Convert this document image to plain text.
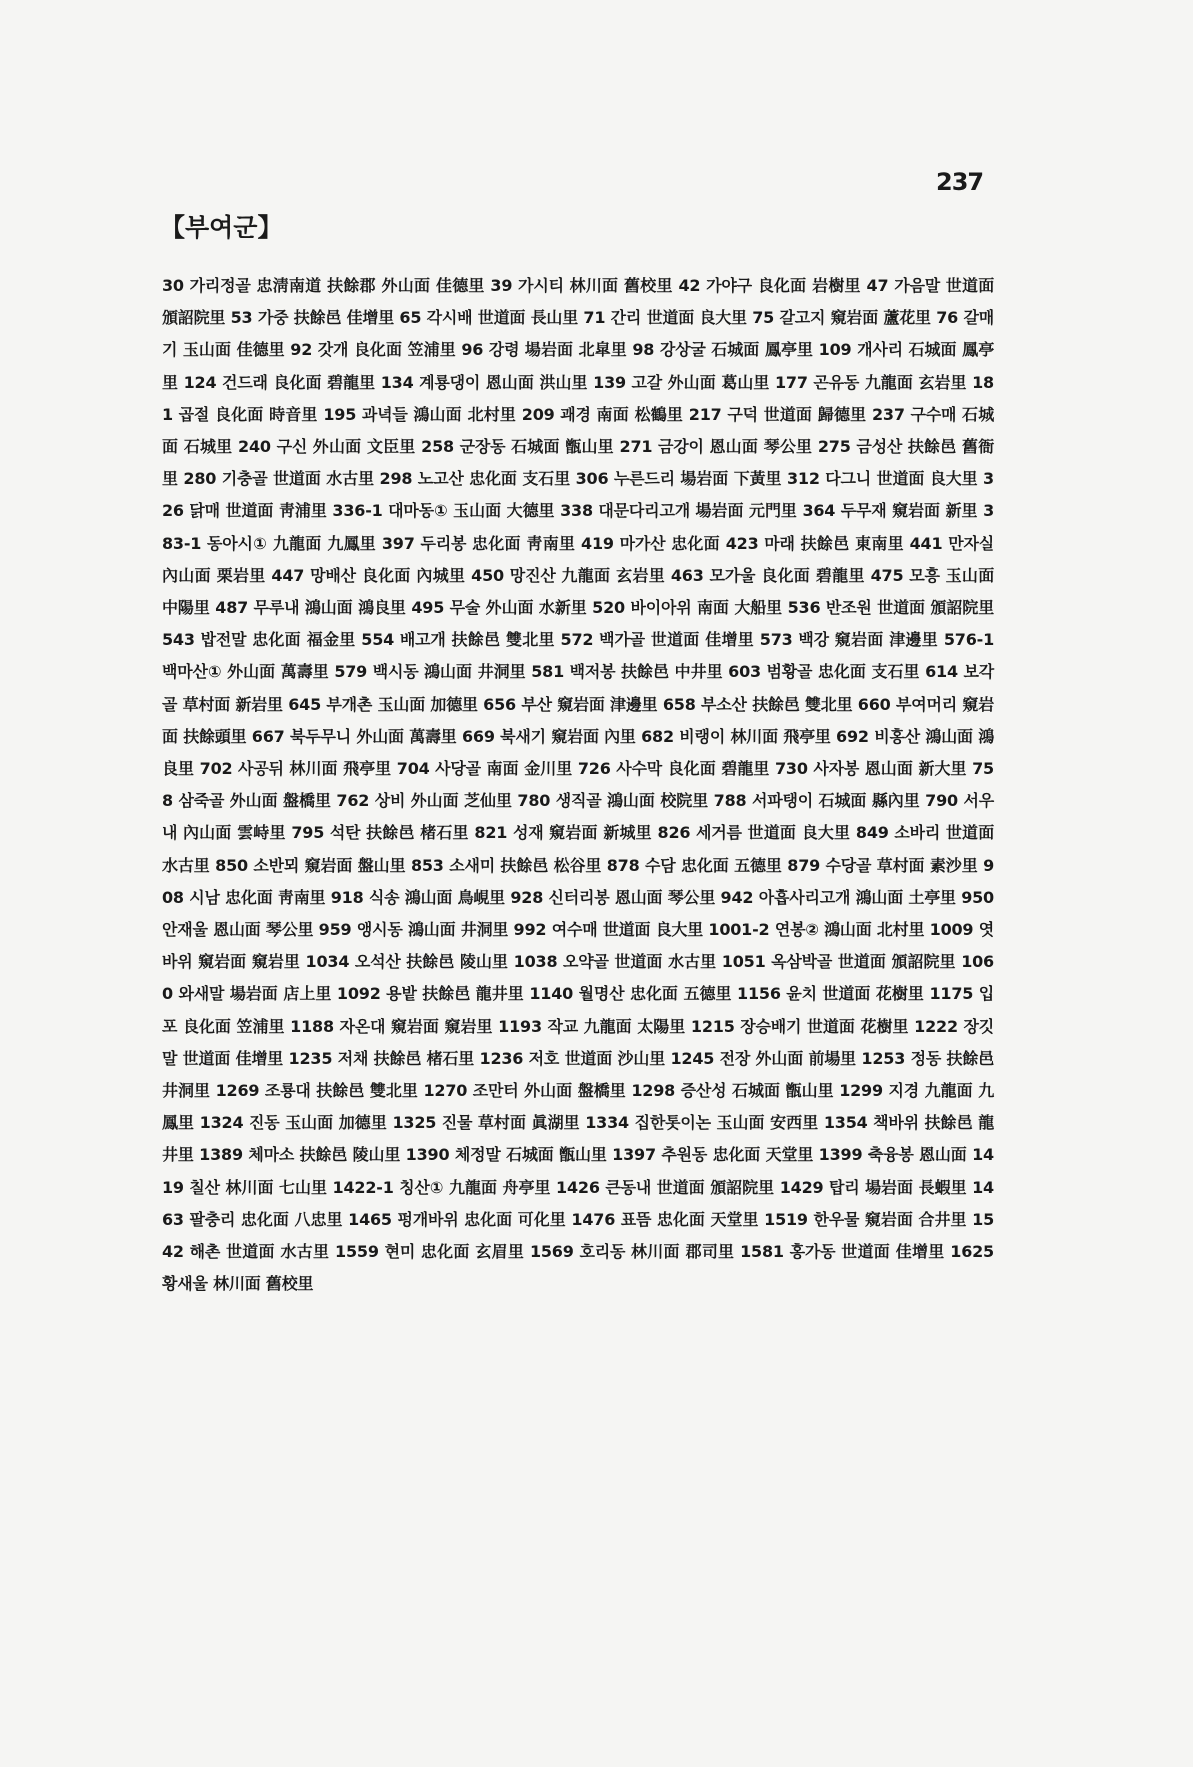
237
【부여군】
30 가리정골 忠淸南道 扶餘郡 外山面 佳德里 39 가시티 林川面 舊校里 42 가야구 良化面 岩樹里 47 가음말 世道面 頒詔院里 53 가중 扶餘邑 佳增里 65 각시배 世道面 長山里 71 간리 世道面 良大里 75 갈고지 窺岩面 蘆花里 76 갈매기 玉山面 佳德里 92 갓개 良化面 笠浦里 96 강령 場岩面 北皐里 98 강상굴 石城面 鳳亭里 109 개사리 石城面 鳳亭里 124 건드래 良化面 碧龍里 134 계룡댕이 恩山面 洪山里 139 고갈 外山面 葛山里 177 곤유동 九龍面 玄岩里 181 곱절 良化面 時音里 195 과녁들 鴻山面 北村里 209 괘경 南面 松鶴里 217 구덕 世道面 歸德里 237 구수매 石城面 石城里 240 구신 外山面 文臣里 258 군장동 石城面 甑山里 271 금강이 恩山面 琴公里 275 금성산 扶餘邑 舊衙里 280 기충골 世道面 水古里 298 노고산 忠化面 支石里 306 누른드리 場岩面 下黃里 312 다그니 世道面 良大里 326 닭매 世道面 靑浦里 336-1 대마동① 玉山面 大德里 338 대문다리고개 場岩面 元門里 364 두무재 窺岩面 新里 383-1 동아시① 九龍面 九鳳里 397 두리봉 忠化面 靑南里 419 마가산 忠化面 423 마래 扶餘邑 東南里 441 만자실 內山面 栗岩里 447 망배산 良化面 內城里 450 망진산 九龍面 玄岩里 463 모가울 良化面 碧龍里 475 모흥 玉山面 中陽里 487 무루내 鴻山面 鴻良里 495 무술 外山面 水新里 520 바이아위 南面 大船里 536 반조원 世道面 頒詔院里 543 밥전말 忠化面 福金里 554 배고개 扶餘邑 雙北里 572 백가골 世道面 佳增里 573 백강 窺岩面 津邊里 576-1 백마산① 外山面 萬壽里 579 백시동 鴻山面 井洞里 581 백저봉 扶餘邑 中井里 603 범황골 忠化面 支石里 614 보각골 草村面 新岩里 645 부개촌 玉山面 加德里 656 부산 窺岩面 津邊里 658 부소산 扶餘邑 雙北里 660 부여머리 窺岩面 扶餘頭里 667 북두무니 外山面 萬壽里 669 북새기 窺岩面 內里 682 비랭이 林川面 飛亭里 692 비홍산 鴻山面 鴻良里 702 사공뒤 林川面 飛亭里 704 사당골 南面 金川里 726 사수막 良化面 碧龍里 730 사자봉 恩山面 新大里 758 삼죽골 外山面 盤橋里 762 상비 外山面 芝仙里 780 생직골 鴻山面 校院里 788 서파탱이 石城面 縣內里 790 서우내 內山面 雲峙里 795 석탄 扶餘邑 楮石里 821 성재 窺岩面 新城里 826 세거름 世道面 良大里 849 소바리 世道面 水古里 850 소반뫼 窺岩面 盤山里 853 소새미 扶餘邑 松谷里 878 수담 忠化面 五德里 879 수당골 草村面 素沙里 908 시남 忠化面 靑南里 918 식송 鴻山面 鳥峴里 928 신터리봉 恩山面 琴公里 942 아흡사리고개 鴻山面 土亭里 950 안재울 恩山面 琴公里 959 앵시동 鴻山面 井洞里 992 여수매 世道面 良大里 1001-2 연봉② 鴻山面 北村里 1009 엿바위 窺岩面 窺岩里 1034 오석산 扶餘邑 陵山里 1038 오약골 世道面 水古里 1051 옥삼박골 世道面 頒詔院里 1060 와새말 場岩面 店上里 1092 용밭 扶餘邑 龍井里 1140 월명산 忠化面 五德里 1156 윤치 世道面 花樹里 1175 입포 良化面 笠浦里 1188 자온대 窺岩面 窺岩里 1193 작교 九龍面 太陽里 1215 장승배기 世道面 花樹里 1222 장깃말 世道面 佳增里 1235 저채 扶餘邑 楮石里 1236 저호 世道面 沙山里 1245 전장 外山面 前場里 1253 정동 扶餘邑 井洞里 1269 조룡대 扶餘邑 雙北里 1270 조만터 外山面 盤橋里 1298 증산성 石城面 甑山里 1299 지경 九龍面 九鳳里 1324 진동 玉山面 加德里 1325 진물 草村面 眞湖里 1334 집한톳이논 玉山面 安西里 1354 책바위 扶餘邑 龍井里 1389 체마소 扶餘邑 陵山里 1390 체정말 石城面 甑山里 1397 추원동 忠化面 天堂里 1399 축융봉 恩山面 1419 칠산 林川面 七山里 1422-1 칭산① 九龍面 舟亭里 1426 큰동내 世道面 頒詔院里 1429 탑리 場岩面 長蝦里 1463 팔충리 忠化面 八忠里 1465 펑개바위 忠化面 可化里 1476 표뜸 忠化面 天堂里 1519 한우물 窺岩面 合井里 1542 해촌 世道面 水古里 1559 현미 忠化面 玄眉里 1569 호리동 林川面 郡司里 1581 홍가동 世道面 佳增里 1625 황새울 林川面 舊校里
